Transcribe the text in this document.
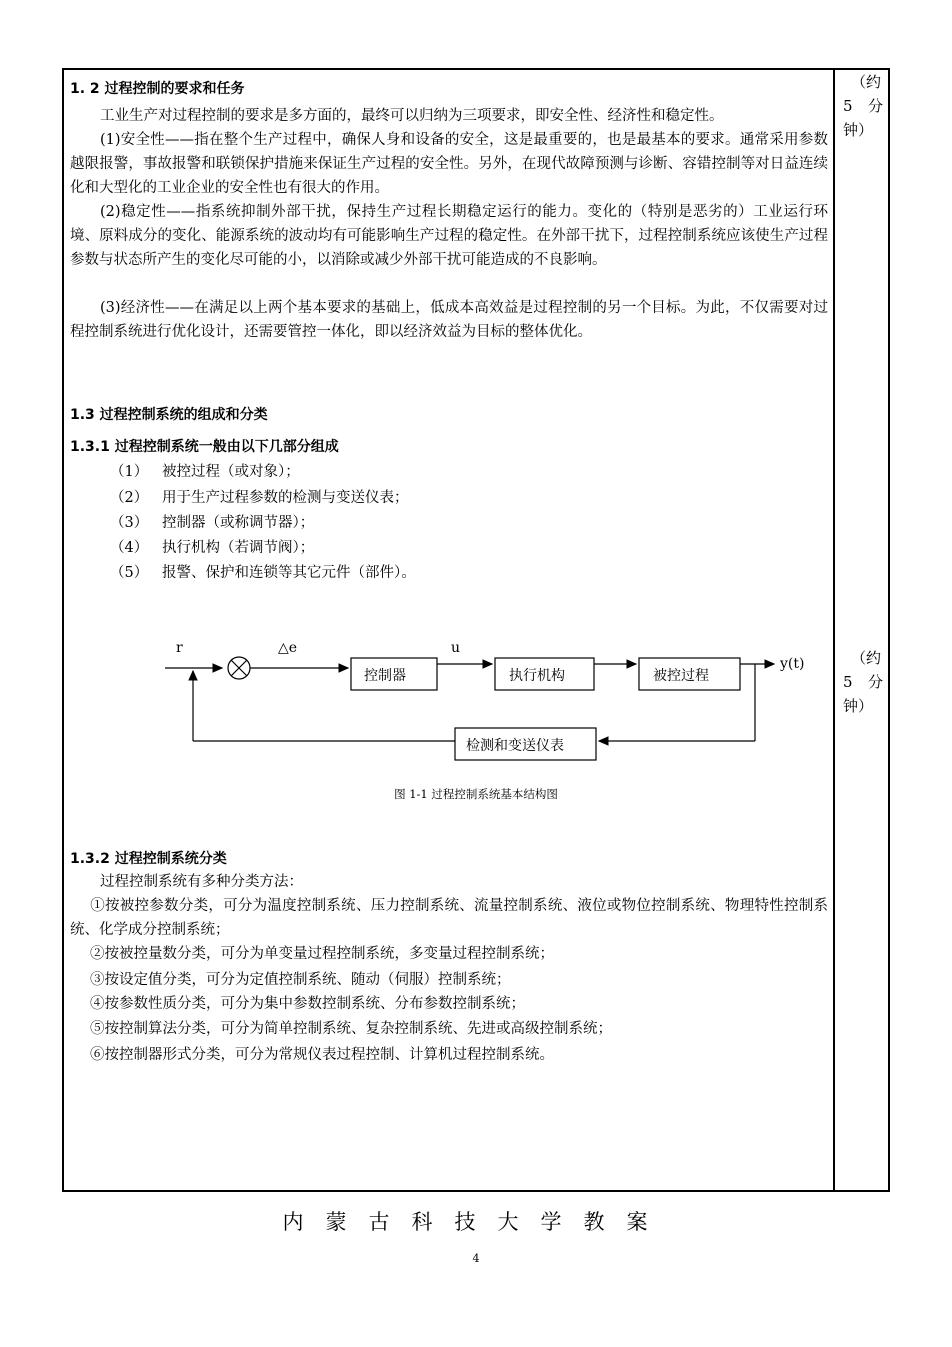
1. 2 过程控制的要求和任务
工业生产对过程控制的要求是多方面的，最终可以归纳为三项要求，即安全性、经济性和稳定性。
(1)安全性——指在整个生产过程中，确保人身和设备的安全，这是最重要的，也是最基本的要求。通常采用参数越限报警，事故报警和联锁保护措施来保证生产过程的安全性。另外，在现代故障预测与诊断、容错控制等对日益连续化和大型化的工业企业的安全性也有很大的作用。
(2)稳定性——指系统抑制外部干扰，保持生产过程长期稳定运行的能力。变化的（特别是恶劣的）工业运行环境、原料成分的变化、能源系统的波动均有可能影响生产过程的稳定性。在外部干扰下，过程控制系统应该使生产过程参数与状态所产生的变化尽可能的小，以消除或减少外部干扰可能造成的不良影响。
(3)经济性——在满足以上两个基本要求的基础上，低成本高效益是过程控制的另一个目标。为此，不仅需要对过程控制系统进行优化设计，还需要管控一体化，即以经济效益为目标的整体优化。
1.3 过程控制系统的组成和分类
1.3.1 过程控制系统一般由以下几部分组成
（1） 被控过程（或对象）；
（2） 用于生产过程参数的检测与变送仪表；
（3） 控制器（或称调节器）；
（4） 执行机构（若调节阀）；
（5） 报警、保护和连锁等其它元件（部件）。
1.3.2 过程控制系统分类
过程控制系统有多种分类方法：
①按被控参数分类，可分为温度控制系统、压力控制系统、流量控制系统、液位或物位控制系统、物理特性控制系统、化学成分控制系统；
②按被控量数分类，可分为单变量过程控制系统，多变量过程控制系统；
③按设定值分类，可分为定值控制系统、随动（伺服）控制系统；
④按参数性质分类，可分为集中参数控制系统、分布参数控制系统；
⑤按控制算法分类，可分为简单控制系统、复杂控制系统、先进或高级控制系统；
⑥按控制器形式分类，可分为常规仪表过程控制、计算机过程控制系统。
r	△e	u
y(t)
控制器	执行机构	被控过程
检测和变送仪表
图 1-1 过程控制系统基本结构图
（约
5 分
钟）
（约
5 分
钟）
内蒙古科技大学教案
4
